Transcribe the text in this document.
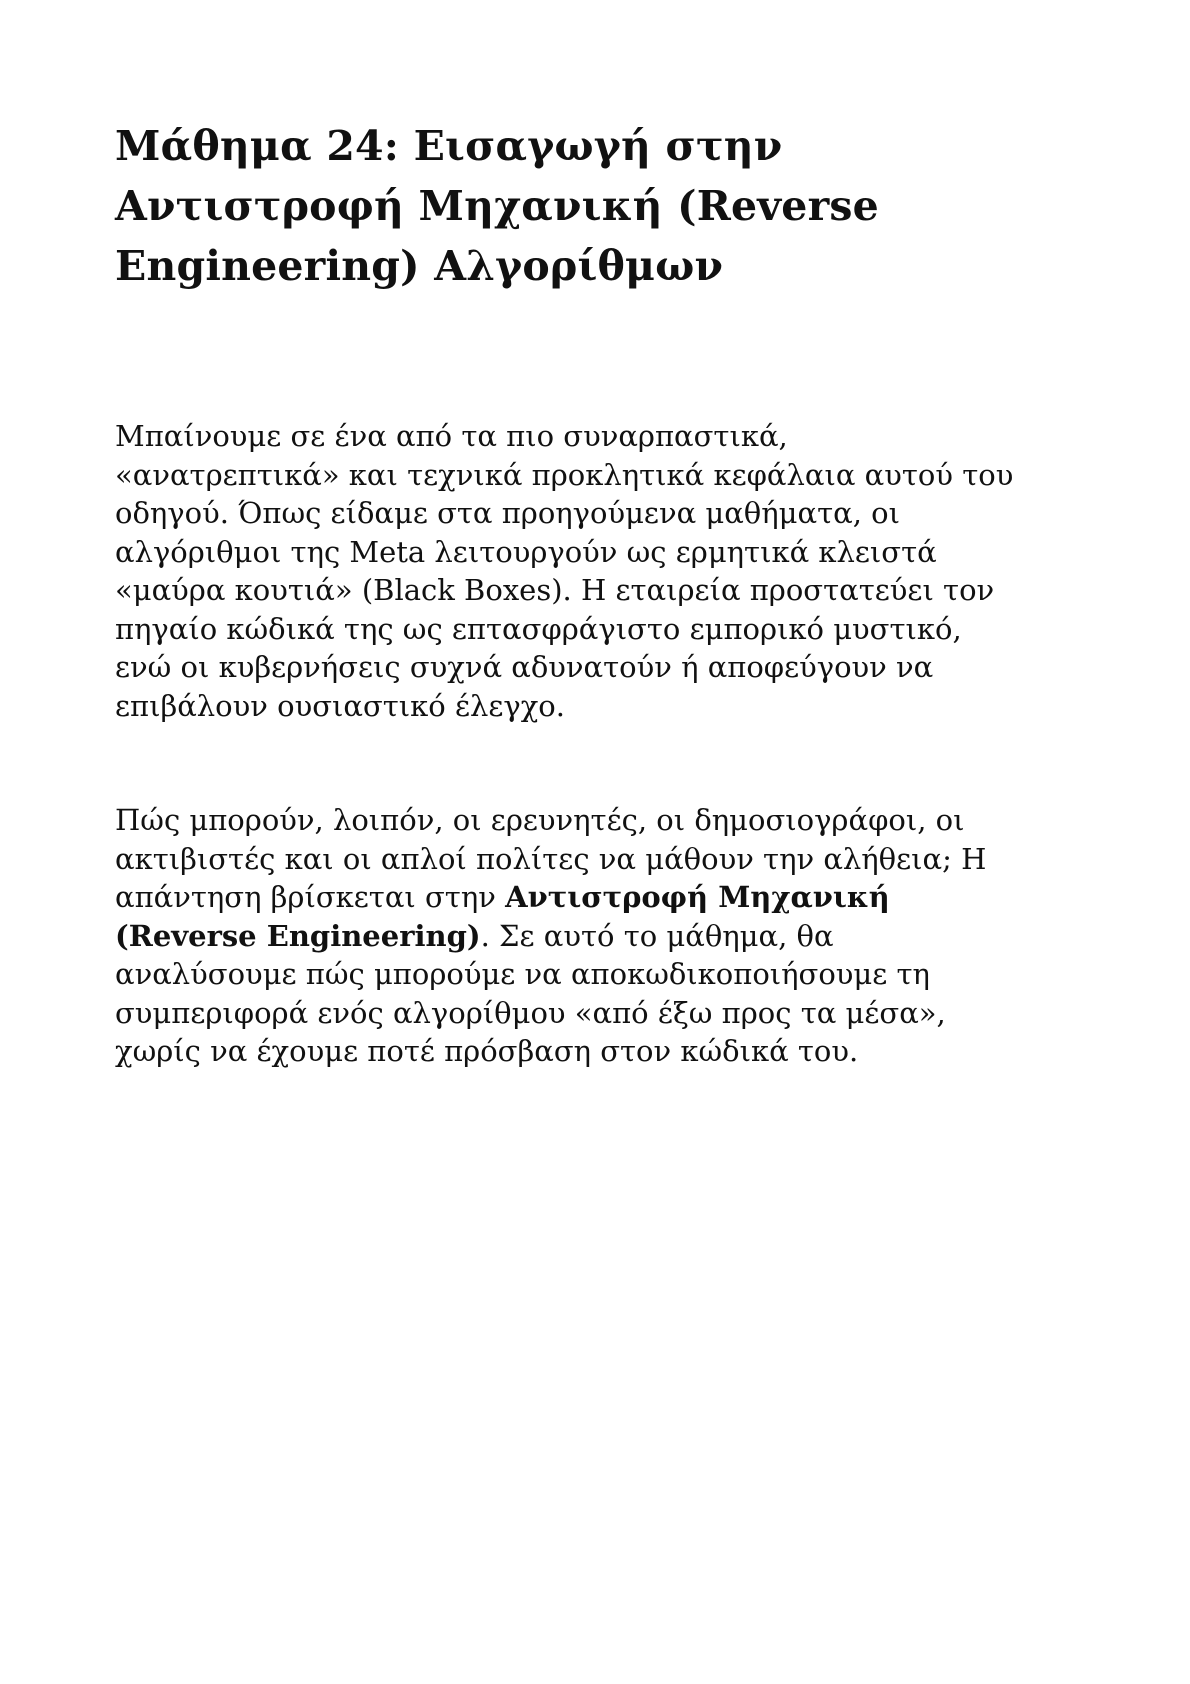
Μάθημα 24: Εισαγωγή στην
Αντιστροφή Μηχανική (Reverse
Engineering) Αλγορίθμων

Μπαίνουμε σε ένα από τα πιο συναρπαστικά,
«ανατρεπτικά» και τεχνικά προκλητικά κεφάλαια αυτού του
οδηγού. Όπως είδαμε στα προηγούμενα μαθήματα, οι
αλγόριθμοι της Meta λειτουργούν ως ερμητικά κλειστά
«μαύρα κουτιά» (Black Boxes). Η εταιρεία προστατεύει τον
πηγαίο κώδικά της ως επτασφράγιστο εμπορικό μυστικό,
ενώ οι κυβερνήσεις συχνά αδυνατούν ή αποφεύγουν να
επιβάλουν ουσιαστικό έλεγχο.

Πώς μπορούν, λοιπόν, οι ερευνητές, οι δημοσιογράφοι, οι
ακτιβιστές και οι απλοί πολίτες να μάθουν την αλήθεια; Η
απάντηση βρίσκεται στην Αντιστροφή Μηχανική
(Reverse Engineering). Σε αυτό το μάθημα, θα
αναλύσουμε πώς μπορούμε να αποκωδικοποιήσουμε τη
συμπεριφορά ενός αλγορίθμου «από έξω προς τα μέσα»,
χωρίς να έχουμε ποτέ πρόσβαση στον κώδικά του.
